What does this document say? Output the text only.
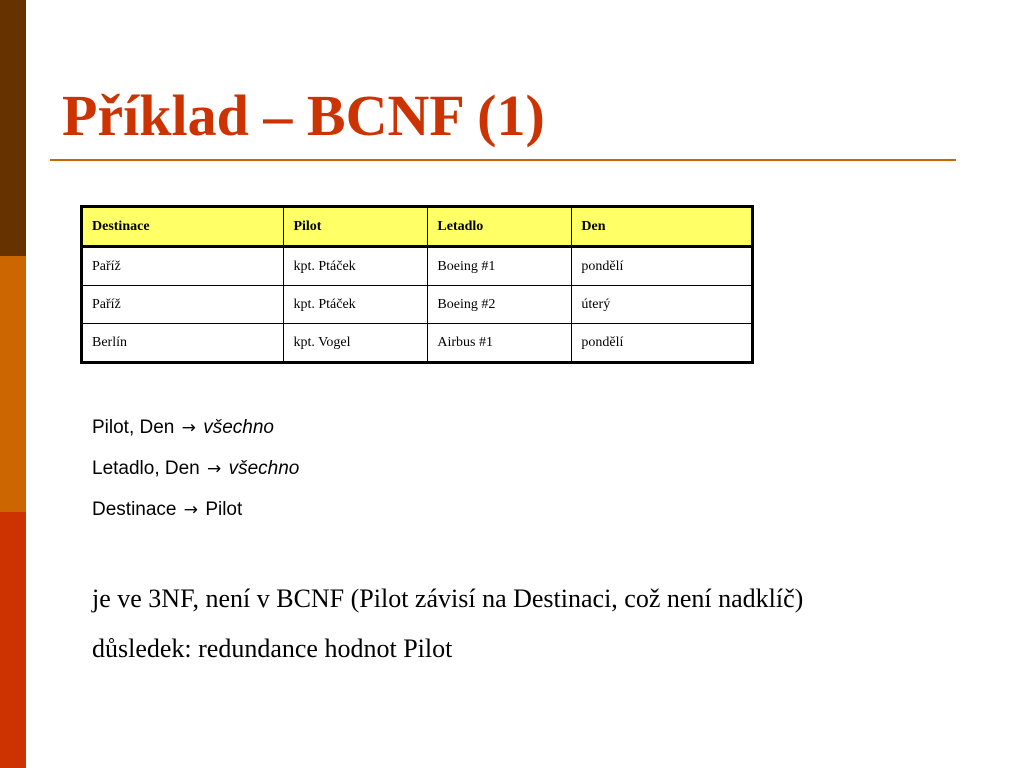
Příklad – BCNF (1)
Destinace	Pilot	Letadlo	Den
Paříž	kpt. Ptáček	Boeing #1	pondělí
Paříž	kpt. Ptáček	Boeing #2	úterý
Berlín	kpt. Vogel	Airbus #1	pondělí
Pilot, Den → všechno
Letadlo, Den → všechno
Destinace → Pilot
je ve 3NF, není v BCNF (Pilot závisí na Destinaci, což není nadklíč)
důsledek: redundance hodnot Pilot
